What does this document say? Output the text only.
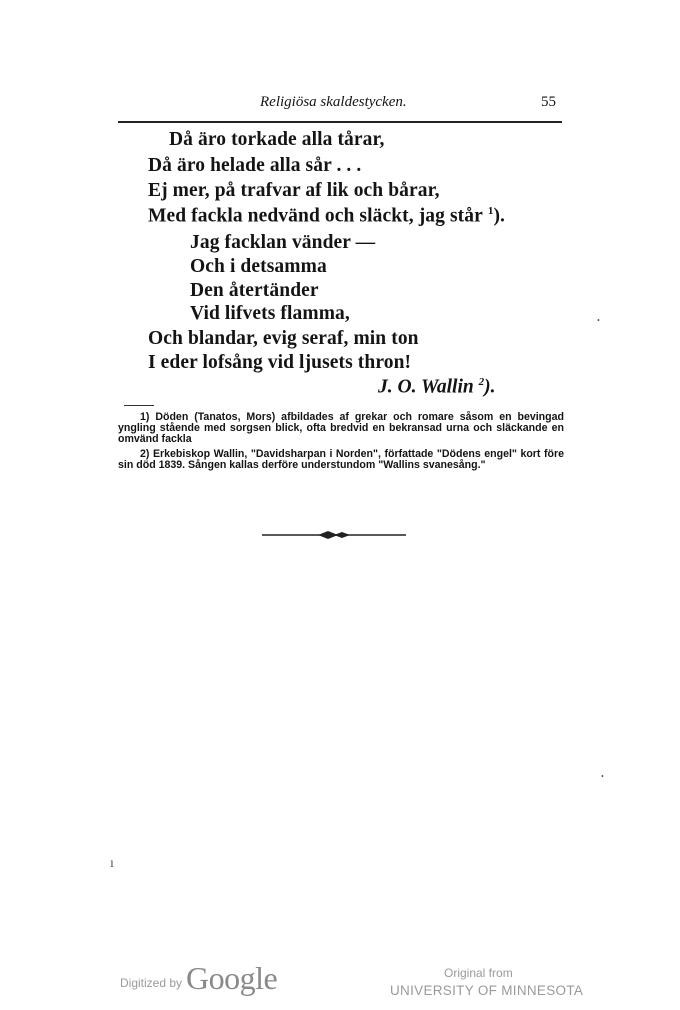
Religiösa skaldestycken.	55
Då äro torkade alla tårar,
Då äro helade alla sår . . .
Ej mer, på trafvar af lik och bårar,
Med fackla nedvänd och släckt, jag står $^1$).
Jag facklan vänder —
Och i detsamma
Den återtänder
Vid lifvets flamma,
Och blandar, evig seraf, min ton
I eder lofsång vid ljusets thron!
J. O. Wallin $^2$).
1) Döden (Tanatos, Mors) afbildades af grekar och romare såsom en bevingad yngling stående med sorgsen blick, ofta bredvid en bekransad urna och släckande en omvänd fackla
2) Erkebiskop Wallin, "Davidsharpan i Norden", författade "Dödens engel" kort före sin död 1839. Sången kallas derföre understundom "Wallins svanesång."
ı
•
•
Digitized by Google	Original from
UNIVERSITY OF MINNESOTA
